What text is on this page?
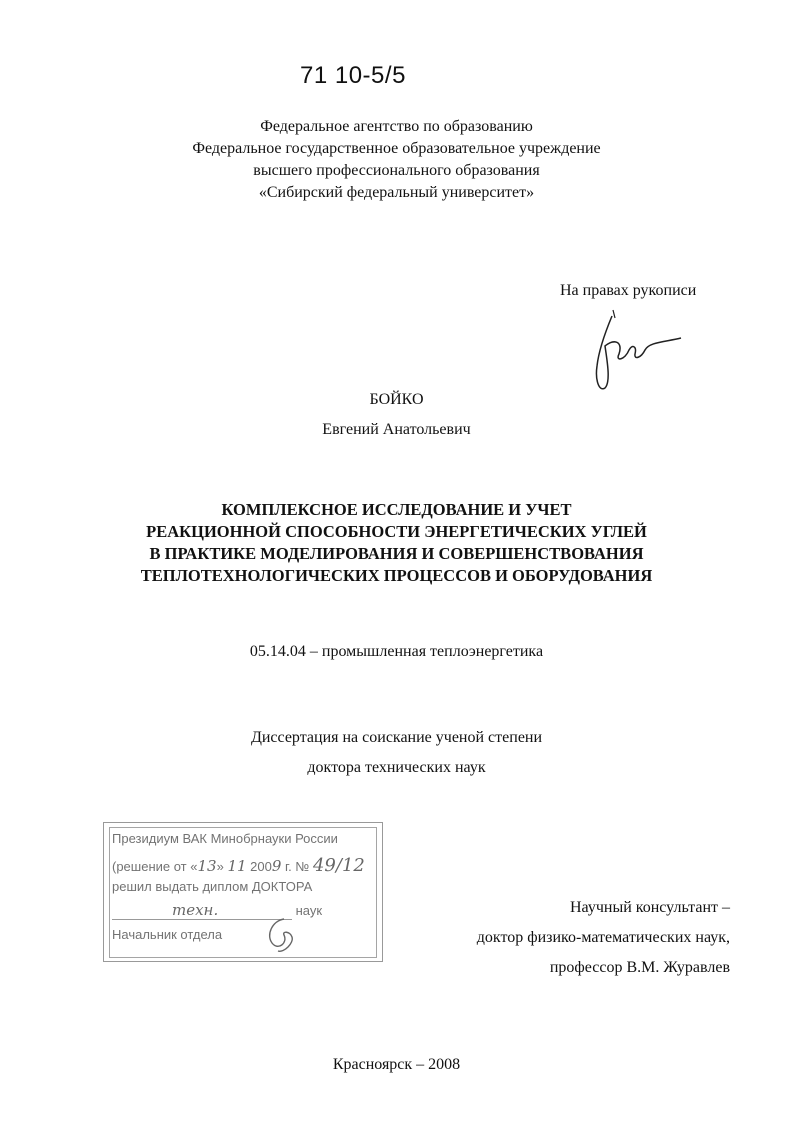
71 10-5/5
Федеральное агентство по образованию
Федеральное государственное образовательное учреждение
высшего профессионального образования
«Сибирский федеральный университет»
На правах рукописи
БОЙКО
Евгений Анатольевич
КОМПЛЕКСНОЕ ИССЛЕДОВАНИЕ И УЧЕТ
РЕАКЦИОННОЙ СПОСОБНОСТИ ЭНЕРГЕТИЧЕСКИХ УГЛЕЙ
В ПРАКТИКЕ МОДЕЛИРОВАНИЯ И СОВЕРШЕНСТВОВАНИЯ
ТЕПЛОТЕХНОЛОГИЧЕСКИХ ПРОЦЕССОВ И ОБОРУДОВАНИЯ
05.14.04 – промышленная теплоэнергетика
Диссертация на соискание ученой степени
доктора технических наук
Президиум ВАК Минобрнауки России
(решение от «13» 11 2009 г. № 49/12
решил выдать диплом ДОКТОРА
техн.	наук
Начальник отдела
Научный консультант –
доктор физико-математических наук,
профессор В.М. Журавлев
Красноярск – 2008
